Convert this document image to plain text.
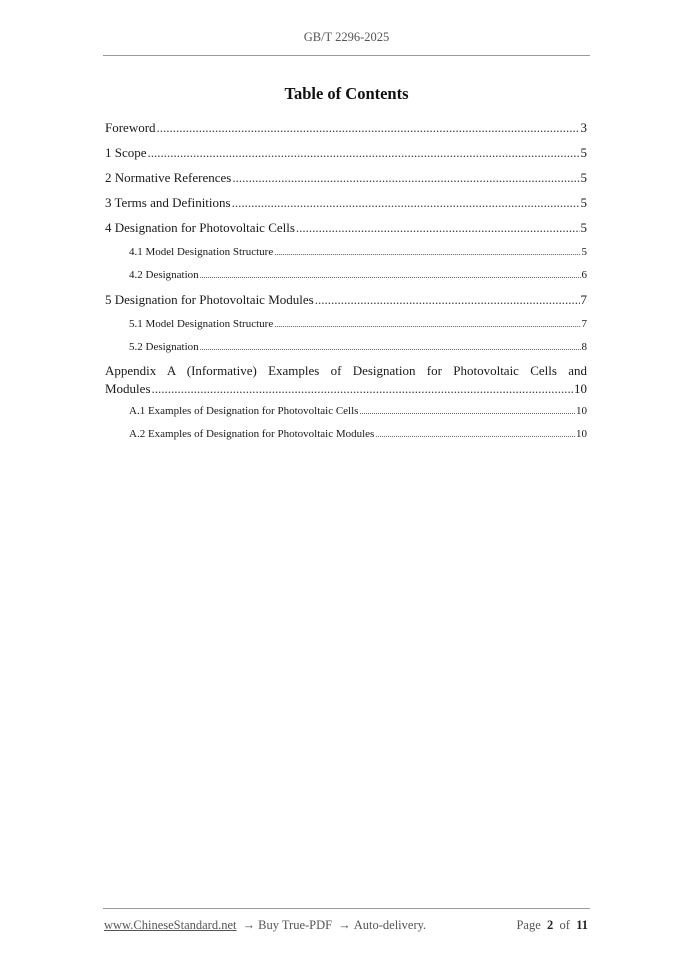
GB/T 2296-2025
Table of Contents
Foreword .....	3
1 Scope .....	5
2 Normative References .....	5
3 Terms and Definitions .....	5
4 Designation for Photovoltaic Cells .....	5
4.1 Model Designation Structure .....	5
4.2 Designation .....	6
5 Designation for Photovoltaic Modules .....	7
5.1 Model Designation Structure .....	7
5.2 Designation .....	8
Appendix A (Informative) Examples of Designation for Photovoltaic Cells and
Modules .....	10
A.1 Examples of Designation for Photovoltaic Cells .....	10
A.2 Examples of Designation for Photovoltaic Modules .....	10
www.ChineseStandard.net → Buy True-PDF → Auto-delivery.	Page 2 of 11
